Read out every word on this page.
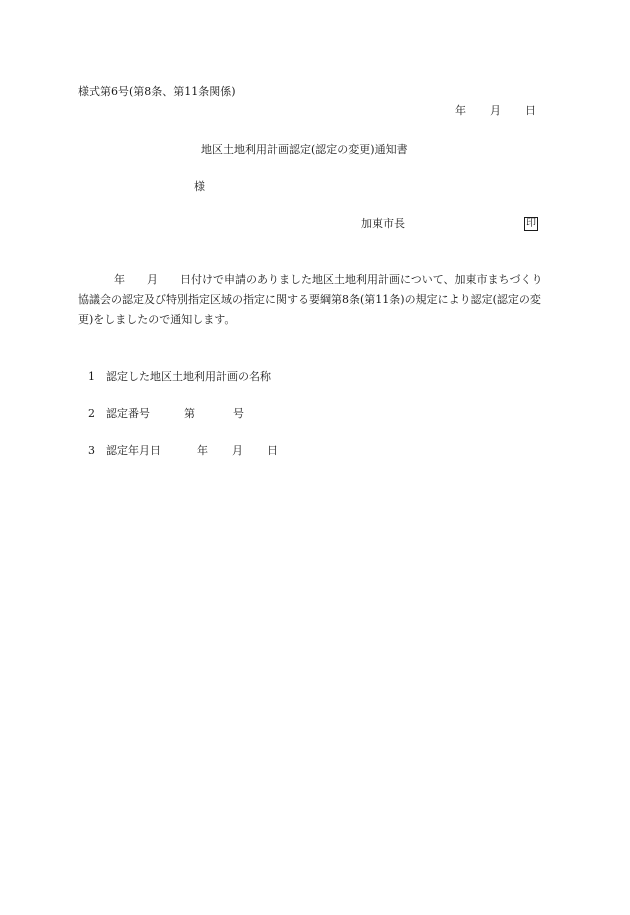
様式第6号(第8条、第11条関係)
年 月 日
地区土地利用計画認定(認定の変更)通知書
様
加東市長	印
年 月 日付けで申請のありました地区土地利用計画について、加東市まちづくり協議会の認定及び特別指定区域の指定に関する要綱第8条(第11条)の規定により認定(認定の変更)をしましたので通知します。
1 認定した地区土地利用計画の名称
2 認定番号	第	号
3 認定年月日	年 月 日
